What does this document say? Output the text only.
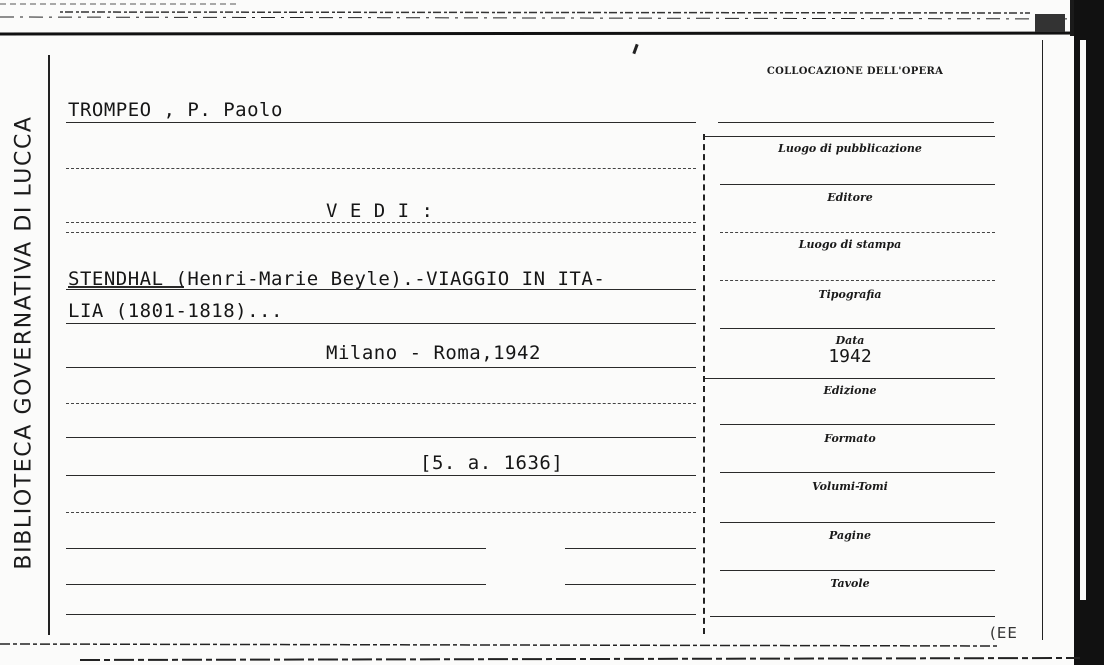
BIBLIOTECA GOVERNATIVA DI LUCCA
COLLOCAZIONE DELL'OPERA
Luogo di pubblicazione
Editore
Luogo di stampa
Tipografia
Data
1942
Edizione
Formato
Volumi-Tomi
Pagine
Tavole
TROMPEO , P. Paolo
V E D I :
STENDHAL (Henri-Marie Beyle).-VIAGGIO IN ITA-
LIA (1801-1818)...
Milano - Roma,1942
[5. a. 1636]
(EE
